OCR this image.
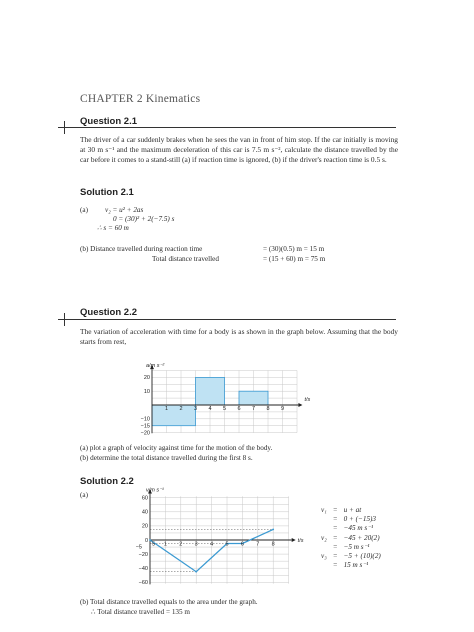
CHAPTER 2 Kinematics
Question 2.1
The driver of a car suddenly brakes when he sees the van in front of him stop. If the car initially is moving at 30 m s⁻¹ and the maximum deceleration of this car is 7.5 m s⁻², calculate the distance travelled by the car before it comes to a stand-still (a) if reaction time is ignored, (b) if the driver's reaction time is 0.5 s.
Solution 2.1
(a) v₂ = u² + 2as
0 = (30)² + 2(−7.5) s
∴ s = 60 m
(b) Distance travelled during reaction time	= (30)(0.5) m = 15 m
Total distance travelled	= (15 + 60) m = 75 m
Question 2.2
The variation of acceleration with time for a body is as shown in the graph below. Assuming that the body starts from rest,
1 2 3 4 5 6 7 8 9
20
10
−10
−15
−20
a/m s⁻²
t/s
(a) plot a graph of velocity against time for the motion of the body.
(b) determine the total distance travelled during the first 8 s.
Solution 2.2
(a)
1 2 3 4 5 6 7 8
60
40
20
0
−20
−40
−60
5
−5
v/m s⁻¹
t/s
v₁	=	u + at
	=	0 + (−15)3
	=	−45 m s⁻¹
v₂	=	−45 + 20(2)
	=	−5 m s⁻¹
v₃	=	−5 + (10)(2)
	=	15 m s⁻¹
(b) Total distance travelled equals to the area under the graph.
∴ Total distance travelled = 135 m
